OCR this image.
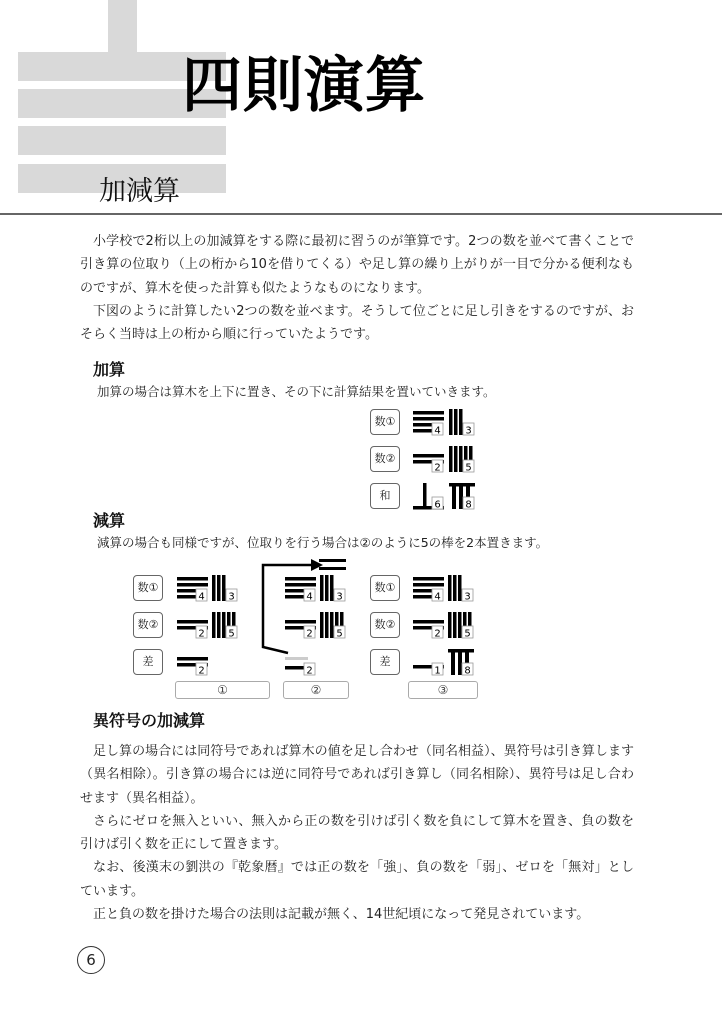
四則演算
加減算

小学校で2桁以上の加減算をする際に最初に習うのが筆算です。2つの数を並べて書くことで引き算の位取り（上の桁から10を借りてくる）や足し算の繰り上がりが一目で分かる便利なものですが、算木を使った計算も似たようなものになります。

下図のように計算したい2つの数を並べます。そうして位ごとに足し引きをするのですが、おそらく当時は上の桁から順に行っていたようです。

加算
加算の場合は算木を上下に置き、その下に計算結果を置いていきます。
数①
4 3
数②
2 5
和
6 8
減算
減算の場合も同様ですが、位取りを行う場合は②のように5の棒を2本置きます。
数①
4 3
数②
2 5
差
2
①
4 3
2 5
2
②
数①
4 3
数②
2 5
差
1 8
③
異符号の加減算

足し算の場合には同符号であれば算木の値を足し合わせ（同名相益）、異符号は引き算します（異名相除）。引き算の場合には逆に同符号であれば引き算し（同名相除）、異符号は足し合わせます（異名相益）。

さらにゼロを無入といい、無入から正の数を引けば引く数を負にして算木を置き、負の数を引けば引く数を正にして置きます。

なお、後漢末の劉洪の『乾象暦』では正の数を「強」、負の数を「弱」、ゼロを「無対」としています。

正と負の数を掛けた場合の法則は記載が無く、14世紀頃になって発見されています。

6
